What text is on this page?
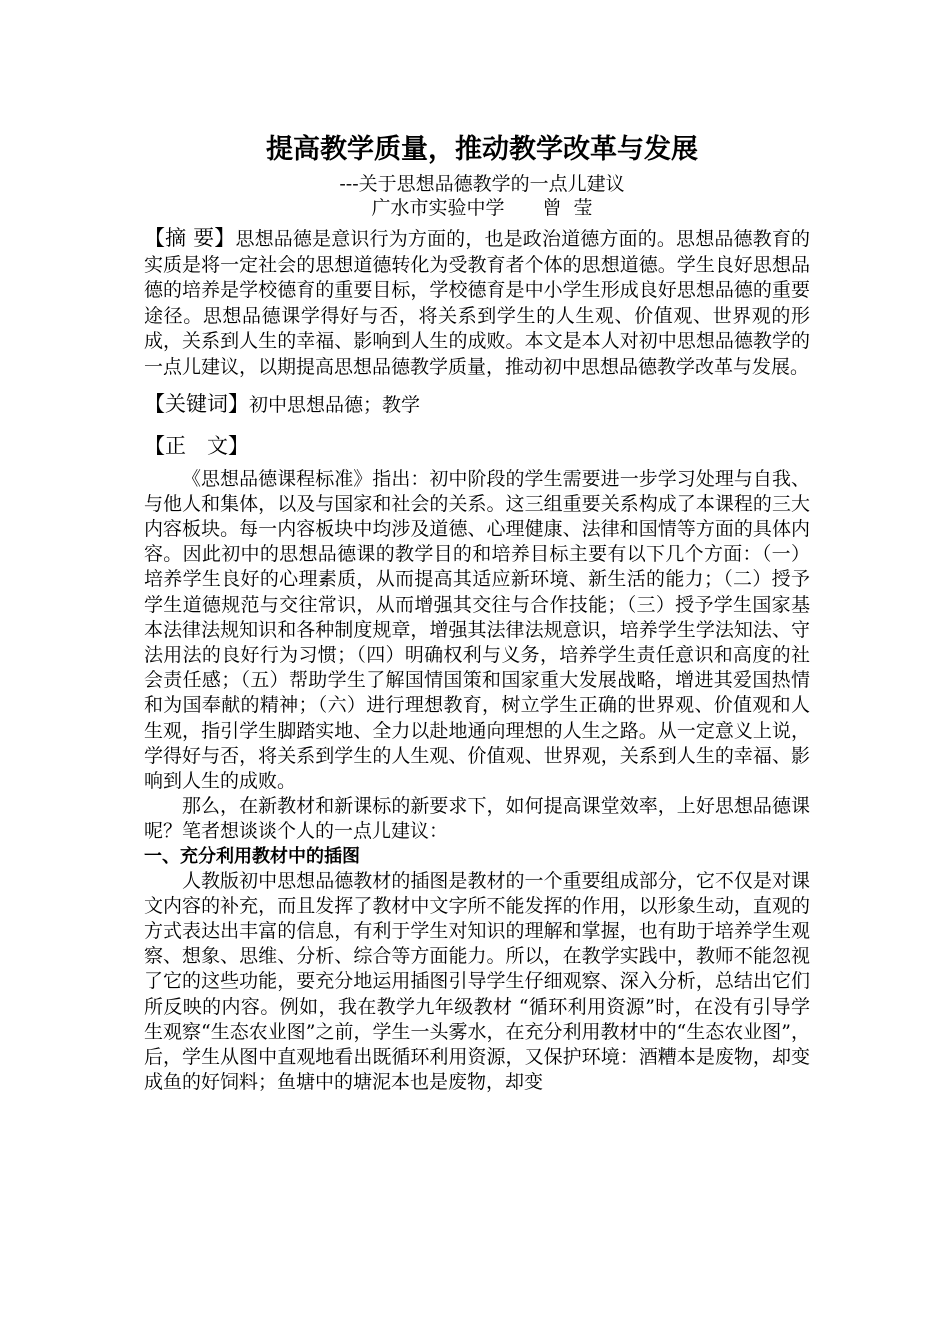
提高教学质量，推动教学改革与发展

---关于思想品德教学的一点儿建议

广水市实验中学 曾  莹

【摘 要】思想品德是意识行为方面的，也是政治道德方面的。思想品德教育的实质是将一定社会的思想道德转化为受教育者个体的思想道德。学生良好思想品德的培养是学校德育的重要目标，学校德育是中小学生形成良好思想品德的重要途径。思想品德课学得好与否，将关系到学生的人生观、价值观、世界观的形成，关系到人生的幸福、影响到人生的成败。本文是本人对初中思想品德教学的一点儿建议，以期提高思想品德教学质量，推动初中思想品德教学改革与发展。

【关键词】初中思想品德；教学

【正　文】

《思想品德课程标准》指出：初中阶段的学生需要进一步学习处理与自我、与他人和集体，以及与国家和社会的关系。这三组重要关系构成了本课程的三大内容板块。每一内容板块中均涉及道德、心理健康、法律和国情等方面的具体内容。因此初中的思想品德课的教学目的和培养目标主要有以下几个方面：（一）培养学生良好的心理素质，从而提高其适应新环境、新生活的能力；（二）授予学生道德规范与交往常识，从而增强其交往与合作技能；（三）授予学生国家基本法律法规知识和各种制度规章，增强其法律法规意识，培养学生学法知法、守法用法的良好行为习惯；（四）明确权利与义务，培养学生责任意识和高度的社会责任感；（五）帮助学生了解国情国策和国家重大发展战略，增进其爱国热情和为国奉献的精神；（六）进行理想教育，树立学生正确的世界观、价值观和人生观，指引学生脚踏实地、全力以赴地通向理想的人生之路。从一定意义上说，学得好与否，将关系到学生的人生观、价值观、世界观，关系到人生的幸福、影响到人生的成败。

那么，在新教材和新课标的新要求下，如何提高课堂效率，上好思想品德课呢？笔者想谈谈个人的一点儿建议：

一、充分利用教材中的插图

人教版初中思想品德教材的插图是教材的一个重要组成部分，它不仅是对课文内容的补充，而且发挥了教材中文字所不能发挥的作用，以形象生动，直观的方式表达出丰富的信息，有利于学生对知识的理解和掌握，也有助于培养学生观察、想象、思维、分析、综合等方面能力。所以，在教学实践中，教师不能忽视了它的这些功能，要充分地运用插图引导学生仔细观察、深入分析，总结出它们所反映的内容。例如，我在教学九年级教材 “循环利用资源”时，在没有引导学生观察“生态农业图”之前，学生一头雾水，在充分利用教材中的“生态农业图”，后，学生从图中直观地看出既循环利用资源，又保护环境：酒糟本是废物，却变成鱼的好饲料；鱼塘中的塘泥本也是废物，却变
